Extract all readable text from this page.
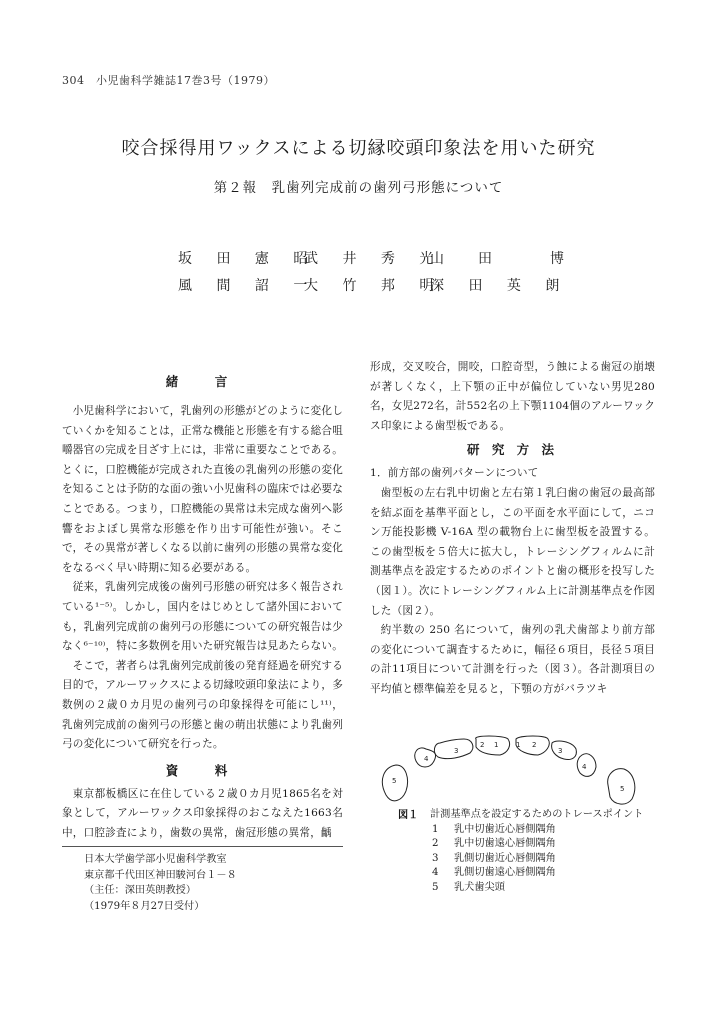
304　小児歯科学雑誌17巻3号（1979）
咬合採得用ワックスによる切縁咬頭印象法を用いた研究
第２報　乳歯列完成前の歯列弓形態について
坂 田 憲 昭
武 井 秀 光
山　田　　博
風 間 詔 一
大 竹 邦 明
深 田 英 朗
緒　言

小児歯科学において，乳歯列の形態がどのように変化していくかを知ることは，正常な機能と形態を有する総合咀嚼器官の完成を目ざす上には，非常に重要なことである。とくに，口腔機能が完成された直後の乳歯列の形態の変化を知ることは予防的な面の強い小児歯科の臨床では必要なことである。つまり，口腔機能の異常は未完成な歯列へ影響をおよぼし異常な形態を作り出す可能性が強い。そこで，その異常が著しくなる以前に歯列の形態の異常な変化をなるべく早い時期に知る必要がある。

従来，乳歯列完成後の歯列弓形態の研究は多く報告されている¹⁻⁵⁾。しかし，国内をはじめとして諸外国においても，乳歯列完成前の歯列弓の形態についての研究報告は少なく⁶⁻¹⁰⁾，特に多数例を用いた研究報告は見あたらない。

そこで，著者らは乳歯列完成前後の発育経過を研究する目的で，アルーワックスによる切縁咬頭印象法により，多数例の２歳０カ月児の歯列弓の印象採得を可能にし¹¹⁾，乳歯列完成前の歯列弓の形態と歯の萌出状態により乳歯列弓の変化について研究を行った。

資　料

東京都板橋区に在住している２歳０カ月児1865名を対象として，アルーワックス印象採得のおこなえた1663名中，口腔診査により，歯数の異常，歯冠形態の異常，齲

日本大学歯学部小児歯科学教室
東京都千代田区神田駿河台１－８
（主任：深田英朗教授）
（1979年８月27日受付）

形成，交叉咬合，開咬，口腔奇型，う蝕による歯冠の崩壊が著しくなく，上下顎の正中が偏位していない男児280名，女児272名，計552名の上下顎1104個のアルーワックス印象による歯型板である。

研 究 方 法

1．前方部の歯列パターンについて

歯型板の左右乳中切歯と左右第１乳臼歯の歯冠の最高部を結ぶ面を基準平面とし，この平面を水平面にして，ニコン万能投影機 V-16A 型の載物台上に歯型板を設置する。この歯型板を５倍大に拡大し，トレーシングフィルムに計測基準点を設定するためのポイントと歯の概形を投写した（図１）。次にトレーシングフィルム上に計測基準点を作図した（図２）。

約半数の 250 名について，歯列の乳犬歯部より前方部の変化について調査するために，幅径６項目，長径５項目の計11項目について計測を行った（図３）。各計測項目の平均値と標準偏差を見ると，下顎の方がバラツキ

1 2
1
2
3
4
5
3
4
5
図１	計測基準点を設定するためのトレースポイント
1	乳中切歯近心唇側隅角
2	乳中切歯遠心唇側隅角
3	乳側切歯近心唇側隅角
4	乳側切歯遠心唇側隅角
5	乳犬歯尖頭
